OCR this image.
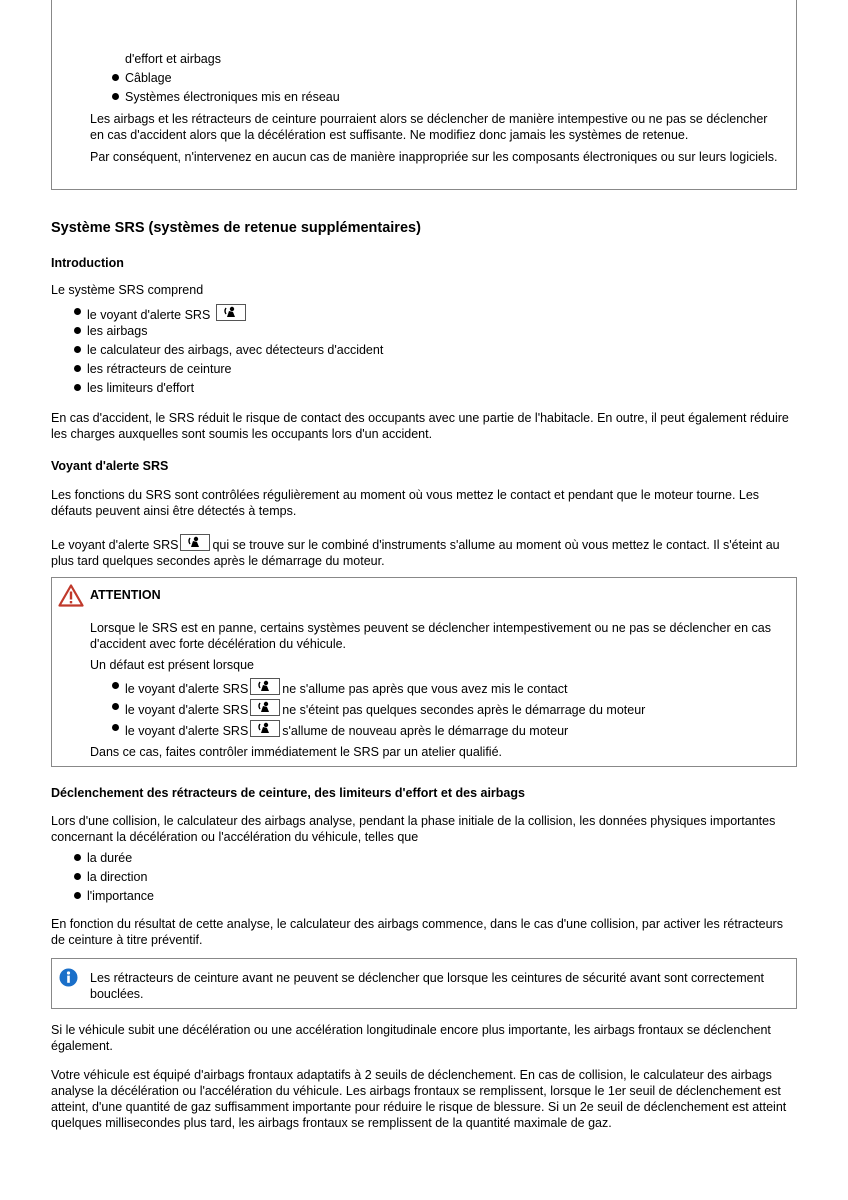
d'effort et airbags

Câblage
Systèmes électroniques mis en réseau

Les airbags et les rétracteurs de ceinture pourraient alors se déclencher de manière intempestive ou ne pas se déclencher en cas d'accident alors que la décélération est suffisante. Ne modifiez donc jamais les systèmes de retenue.

Par conséquent, n'intervenez en aucun cas de manière inappropriée sur les composants électroniques ou sur leurs logiciels.

Système SRS (systèmes de retenue supplémentaires)
Introduction

Le système SRS comprend

le voyant d'alerte SRS
les airbags
le calculateur des airbags, avec détecteurs d'accident
les rétracteurs de ceinture
les limiteurs d'effort

En cas d'accident, le SRS réduit le risque de contact des occupants avec une partie de l'habitacle. En outre, il peut également réduire les charges auxquelles sont soumis les occupants lors d'un accident.

Voyant d'alerte SRS

Les fonctions du SRS sont contrôlées régulièrement au moment où vous mettez le contact et pendant que le moteur tourne. Les défauts peuvent ainsi être détectés à temps.

Le voyant d'alerte SRS	qui se trouve sur le combiné d'instruments s'allume au moment où vous mettez le contact. Il s'éteint au plus tard quelques secondes après le démarrage du moteur.

ATTENTION

Lorsque le SRS est en panne, certains systèmes peuvent se déclencher intempestivement ou ne pas se déclencher en cas d'accident avec forte décélération du véhicule.

Un défaut est présent lorsque

le voyant d'alerte SRS	ne s'allume pas après que vous avez mis le contact
le voyant d'alerte SRS	ne s'éteint pas quelques secondes après le démarrage du moteur
le voyant d'alerte SRS	s'allume de nouveau après le démarrage du moteur

Dans ce cas, faites contrôler immédiatement le SRS par un atelier qualifié.

Déclenchement des rétracteurs de ceinture, des limiteurs d'effort et des airbags

Lors d'une collision, le calculateur des airbags analyse, pendant la phase initiale de la collision, les données physiques importantes concernant la décélération ou l'accélération du véhicule, telles que

la durée
la direction
l'importance

En fonction du résultat de cette analyse, le calculateur des airbags commence, dans le cas d'une collision, par activer les rétracteurs de ceinture à titre préventif.

Les rétracteurs de ceinture avant ne peuvent se déclencher que lorsque les ceintures de sécurité avant sont correctement bouclées.

Si le véhicule subit une décélération ou une accélération longitudinale encore plus importante, les airbags frontaux se déclenchent également.

Votre véhicule est équipé d'airbags frontaux adaptatifs à 2 seuils de déclenchement. En cas de collision, le calculateur des airbags analyse la décélération ou l'accélération du véhicule. Les airbags frontaux se remplissent, lorsque le 1er seuil de déclenchement est atteint, d'une quantité de gaz suffisamment importante pour réduire le risque de blessure. Si un 2e seuil de déclenchement est atteint quelques millisecondes plus tard, les airbags frontaux se remplissent de la quantité maximale de gaz.
